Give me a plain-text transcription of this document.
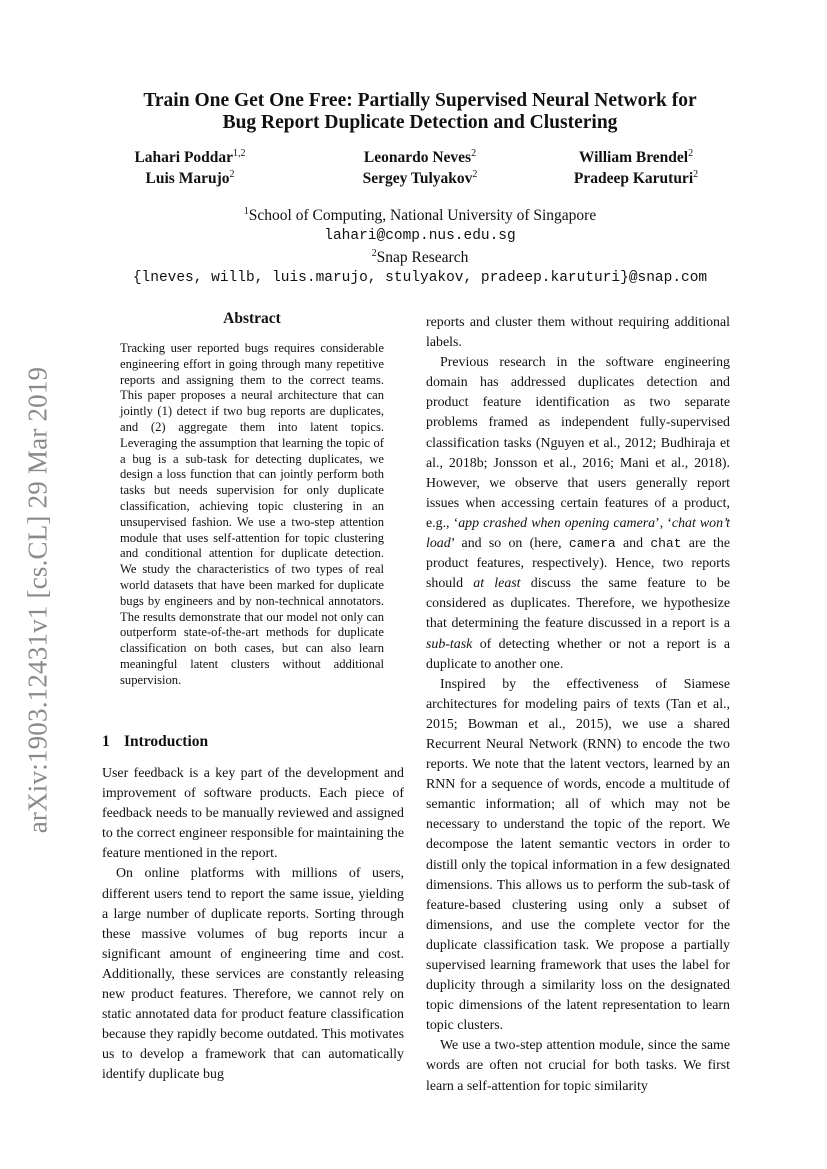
arXiv:1903.12431v1 [cs.CL] 29 Mar 2019
Train One Get One Free: Partially Supervised Neural Network for
Bug Report Duplicate Detection and Clustering
Lahari Poddar$^{1,2}$
Luis Marujo$^2$
Leonardo Neves$^2$
Sergey Tulyakov$^2$
William Brendel$^2$
Pradeep Karuturi$^2$
$^1$School of Computing, National University of Singapore
lahari@comp.nus.edu.sg
$^2$Snap Research
{lneves, willb, luis.marujo, stulyakov, pradeep.karuturi}@snap.com
Abstract
Tracking user reported bugs requires considerable engineering effort in going through many repetitive reports and assigning them to the correct teams. This paper proposes a neural architecture that can jointly (1) detect if two bug reports are duplicates, and (2) aggregate them into latent topics. Leveraging the assumption that learning the topic of a bug is a sub-task for detecting duplicates, we design a loss function that can jointly perform both tasks but needs supervision for only duplicate classification, achieving topic clustering in an unsupervised fashion. We use a two-step attention module that uses self-attention for topic clustering and conditional attention for duplicate detection. We study the characteristics of two types of real world datasets that have been marked for duplicate bugs by engineers and by non-technical annotators. The results demonstrate that our model not only can outperform state-of-the-art methods for duplicate classification on both cases, but can also learn meaningful latent clusters without additional supervision.
1 Introduction

User feedback is a key part of the development and improvement of software products. Each piece of feedback needs to be manually reviewed and assigned to the correct engineer responsible for maintaining the feature mentioned in the report.

On online platforms with millions of users, different users tend to report the same issue, yielding a large number of duplicate reports. Sorting through these massive volumes of bug reports incur a significant amount of engineering time and cost. Additionally, these services are constantly releasing new product features. Therefore, we cannot rely on static annotated data for product feature classification because they rapidly become outdated. This motivates us to develop a framework that can automatically identify duplicate bug

reports and cluster them without requiring additional labels.

Previous research in the software engineering domain has addressed duplicates detection and product feature identification as two separate problems framed as independent fully-supervised classification tasks (Nguyen et al., 2012; Budhiraja et al., 2018b; Jonsson et al., 2016; Mani et al., 2018). However, we observe that users generally report issues when accessing certain features of a product, e.g., ‘app crashed when opening camera’, ‘chat won’t load’ and so on (here, camera and chat are the product features, respectively). Hence, two reports should at least discuss the same feature to be considered as duplicates. Therefore, we hypothesize that determining the feature discussed in a report is a sub-task of detecting whether or not a report is a duplicate to another one.

Inspired by the effectiveness of Siamese architectures for modeling pairs of texts (Tan et al., 2015; Bowman et al., 2015), we use a shared Recurrent Neural Network (RNN) to encode the two reports. We note that the latent vectors, learned by an RNN for a sequence of words, encode a multitude of semantic information; all of which may not be necessary to understand the topic of the report. We decompose the latent semantic vectors in order to distill only the topical information in a few designated dimensions. This allows us to perform the sub-task of feature-based clustering using only a subset of dimensions, and use the complete vector for the duplicate classification task. We propose a partially supervised learning framework that uses the label for duplicity through a similarity loss on the designated topic dimensions of the latent representation to learn topic clusters.

We use a two-step attention module, since the same words are often not crucial for both tasks. We first learn a self-attention for topic similarity
